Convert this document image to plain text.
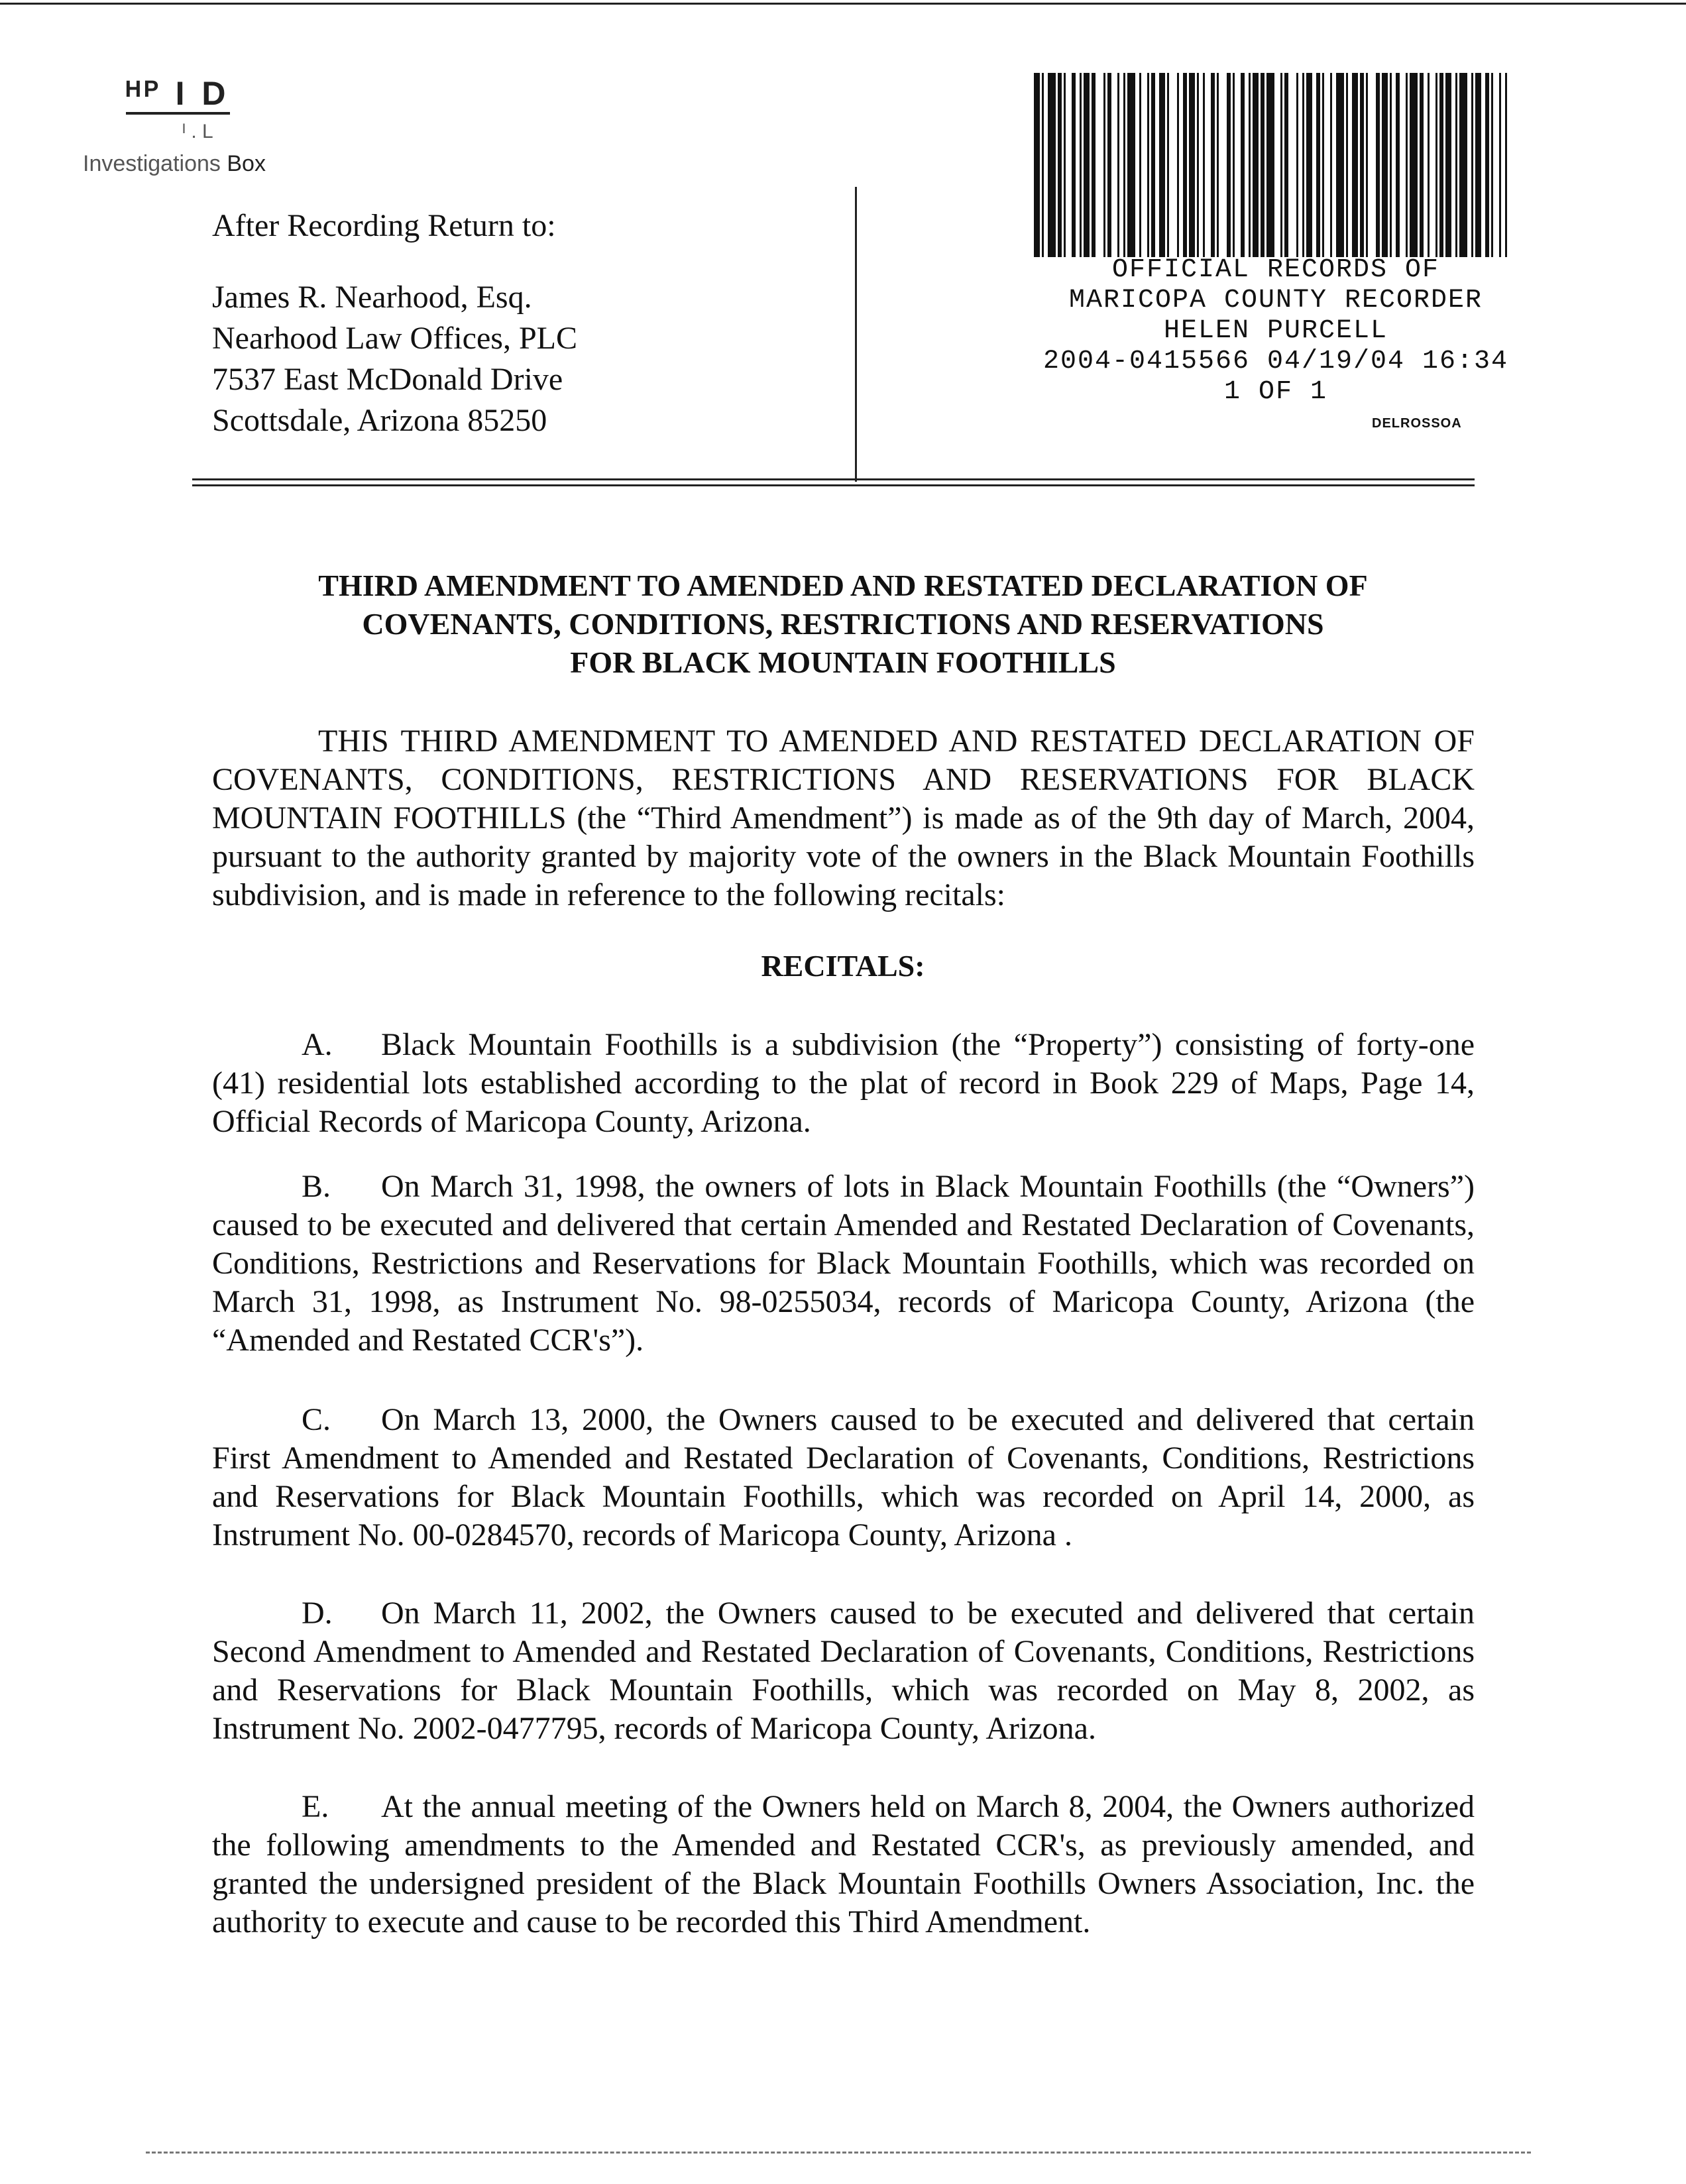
ᴴᴾ I D
ᴵ . L
Investigations Box
After Recording Return to:
James R. Nearhood, Esq.
Nearhood Law Offices, PLC
7537 East McDonald Drive
Scottsdale, Arizona 85250
OFFICIAL RECORDS OF
MARICOPA COUNTY RECORDER
HELEN PURCELL
2004-0415566 04/19/04 16:34
1 OF 1
DELROSSOA
THIRD AMENDMENT TO AMENDED AND RESTATED DECLARATION OF
COVENANTS, CONDITIONS, RESTRICTIONS AND RESERVATIONS
FOR BLACK MOUNTAIN FOOTHILLS
THIS THIRD AMENDMENT TO AMENDED AND RESTATED DECLARATION OF COVENANTS, CONDITIONS, RESTRICTIONS AND RESERVATIONS FOR BLACK MOUNTAIN FOOTHILLS (the “Third Amendment”) is made as of the 9th day of March, 2004, pursuant to the authority granted by majority vote of the owners in the Black Mountain Foothills subdivision, and is made in reference to the following recitals:
RECITALS:
A. Black Mountain Foothills is a subdivision (the “Property”) consisting of forty-one (41) residential lots established according to the plat of record in Book 229 of Maps, Page 14, Official Records of Maricopa County, Arizona.
B. On March 31, 1998, the owners of lots in Black Mountain Foothills (the “Owners”) caused to be executed and delivered that certain Amended and Restated Declaration of Covenants, Conditions, Restrictions and Reservations for Black Mountain Foothills, which was recorded on March 31, 1998, as Instrument No. 98-0255034, records of Maricopa County, Arizona (the “Amended and Restated CCR's”).
C. On March 13, 2000, the Owners caused to be executed and delivered that certain First Amendment to Amended and Restated Declaration of Covenants, Conditions, Restrictions and Reservations for Black Mountain Foothills, which was recorded on April 14, 2000, as Instrument No. 00-0284570, records of Maricopa County, Arizona .
D. On March 11, 2002, the Owners caused to be executed and delivered that certain Second Amendment to Amended and Restated Declaration of Covenants, Conditions, Restrictions and Reservations for Black Mountain Foothills, which was recorded on May 8, 2002, as Instrument No. 2002-0477795, records of Maricopa County, Arizona.
E. At the annual meeting of the Owners held on March 8, 2004, the Owners authorized the following amendments to the Amended and Restated CCR's, as previously amended, and granted the undersigned president of the Black Mountain Foothills Owners Association, Inc. the authority to execute and cause to be recorded this Third Amendment.
